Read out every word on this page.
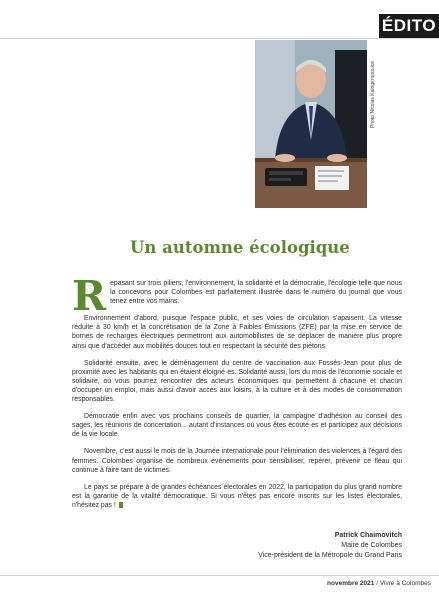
ÉDITO
Photo Nicolas Kalogeropoulos
Un automne écologique

Repasant sur trois piliers, l'environnement, la solidarité et la démocratie, l'écologie telle que nous la concevons pour Colombes est parfaitement illustrée dans le numéro du journal que vous tenez entre vos mains.

Environnement d'abord, puisque l'espace public, et ses voies de circulation s'apaisent. La vitesse réduite à 30 km/h et la concrétisation de la Zone à Faibles Émissions (ZFE) par la mise en service de bornes de recharges électriques permettront aux automobilistes de se déplacer de manière plus propre ainsi que d'accéder aux mobilités douces tout en respectant la sécurité des piétons.

Solidarité ensuite, avec le déménagement du centre de vaccination aux Fossés-Jean pour plus de proximité avec les habitants qui en étaient éloigné·es. Solidarité aussi, lors du mois de l'économie sociale et solidaire, où vous pourrez rencontrer des acteurs économiques qui permettent à chacune et chacun d'occuper un emploi, mais aussi d'avoir accès aux loisirs, à la culture et à des modes de consommation responsables.

Démocratie enfin avec vos prochains conseils de quartier, la campagne d'adhésion au conseil des sages, les réunions de concertation... autant d'instances où vous êtes écouté·es et participez aux décisions de la vie locale.

Novembre, c'est aussi le mois de la Journée internationale pour l'élimination des violences à l'égard des femmes. Colombes organise de nombreux événements pour sensibiliser, repérer, prévenir ce fléau qui continue à faire tant de victimes.

Le pays se prépare à de grandes échéances électorales en 2022, la participation du plus grand nombre est la garantie de la vitalité démocratique. Si vous n'êtes pas encore inscrits sur les listes électorales, n'hésitez pas !

Patrick Chaimovitch
Maire de Colombes
Vice-président de la Métropole du Grand Paris
novembre 2021 / Vivre à Colombes
